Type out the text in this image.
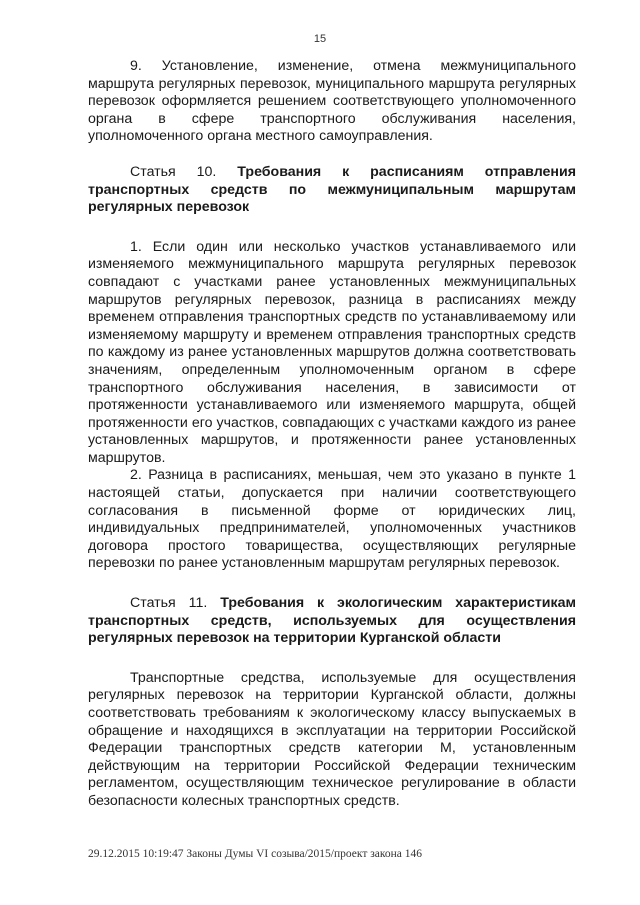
15

9. Установление, изменение, отмена межмуниципального маршрута регулярных перевозок, муниципального маршрута регулярных перевозок оформляется решением соответствующего уполномоченного органа в сфере транспортного обслуживания населения, уполномоченного органа местного самоуправления.

Статья 10. Требования к расписаниям отправления транспортных средств по межмуниципальным маршрутам регулярных перевозок

1. Если один или несколько участков устанавливаемого или изменяемого межмуниципального маршрута регулярных перевозок совпадают с участками ранее установленных межмуниципальных маршрутов регулярных перевозок, разница в расписаниях между временем отправления транспортных средств по устанавливаемому или изменяемому маршруту и временем отправления транспортных средств по каждому из ранее установленных маршрутов должна соответствовать значениям, определенным уполномоченным органом в сфере транспортного обслуживания населения, в зависимости от протяженности устанавливаемого или изменяемого маршрута, общей протяженности его участков, совпадающих с участками каждого из ранее установленных маршрутов, и протяженности ранее установленных маршрутов.

2. Разница в расписаниях, меньшая, чем это указано в пункте 1 настоящей статьи, допускается при наличии соответствующего согласования в письменной форме от юридических лиц, индивидуальных предпринимателей, уполномоченных участников договора простого товарищества, осуществляющих регулярные перевозки по ранее установленным маршрутам регулярных перевозок.

Статья 11. Требования к экологическим характеристикам транспортных средств, используемых для осуществления регулярных перевозок на территории Курганской области

Транспортные средства, используемые для осуществления регулярных перевозок на территории Курганской области, должны соответствовать требованиям к экологическому классу выпускаемых в обращение и находящихся в эксплуатации на территории Российской Федерации транспортных средств категории М, установленным действующим на территории Российской Федерации техническим регламентом, осуществляющим техническое регулирование в области безопасности колесных транспортных средств.

29.12.2015 10:19:47 Законы Думы VI созыва/2015/проект закона 146
